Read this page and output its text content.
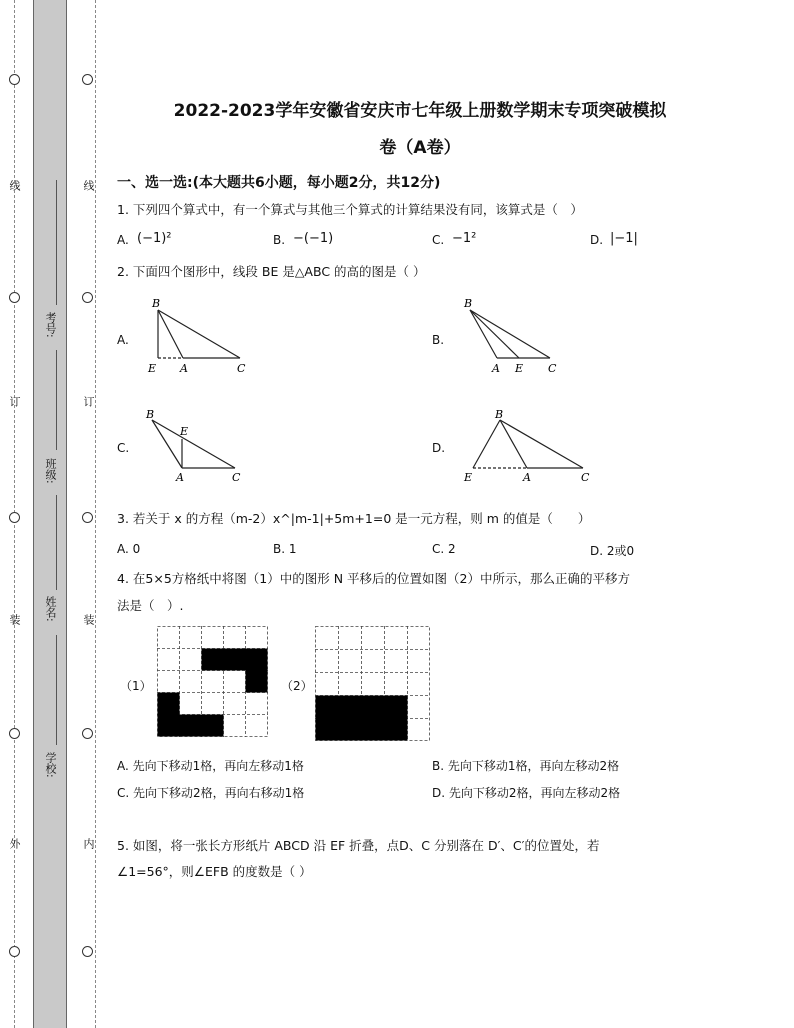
线
订
装
外
线
订
装
内
考号:
班级:
姓名:
学校:
2022-2023学年安徽省安庆市七年级上册数学期末专项突破模拟
卷（A卷）
一、选一选:(本大题共6小题，每小题2分，共12分)
1. 下列四个算式中，有一个算式与其他三个算式的计算结果没有同，该算式是（　）
A. (−1)²	B. −(−1)	C. −1²	D. |−1|
2. 下面四个图形中，线段 BE 是△ABC 的高的图是（ ）
A.
B
E A	C
B.
B
A E C
C.
B
E
A	C
D.
B
E	A	C
3. 若关于 x 的方程（m-2）x^|m-1|+5m+1=0 是一元方程，则 m 的值是（　　）
A. 0	B. 1	C. 2	D. 2或0
4. 在5×5方格纸中将图（1）中的图形 N 平移后的位置如图（2）中所示，那么正确的平移方
法是（　）.
（1）	（2）
A. 先向下移动1格，再向左移动1格	B. 先向下移动1格，再向左移动2格
C. 先向下移动2格，再向右移动1格	D. 先向下移动2格，再向左移动2格
5. 如图，将一张长方形纸片 ABCD 沿 EF 折叠，点D、C 分别落在 D′、C′的位置处，若
∠1=56°，则∠EFB 的度数是（ ）
